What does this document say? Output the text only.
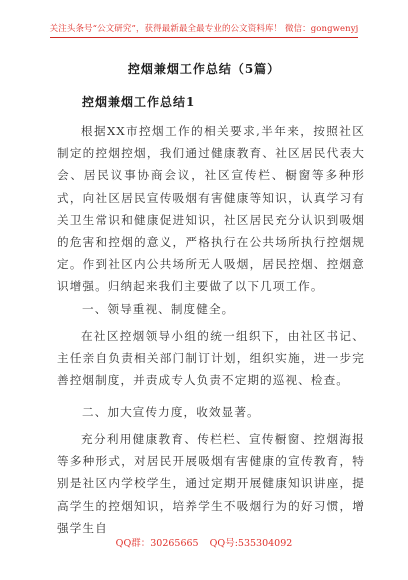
关注头条号“公文研究”，获得最新最全最专业的公文资料库！ 微信：gongwenyj
控烟兼烟工作总结（5篇）
控烟兼烟工作总结1

根据XX市控烟工作的相关要求,半年来，按照社区制定的控烟控烟，我们通过健康教育、社区居民代表大会、居民议事协商会议，社区宣传栏、橱窗等多种形式，向社区居民宣传吸烟有害健康等知识，认真学习有关卫生常识和健康促进知识，社区居民充分认识到吸烟的危害和控烟的意义，严格执行在公共场所执行控烟规定。作到社区内公共场所无人吸烟，居民控烟、控烟意识增强。归纳起来我们主要做了以下几项工作。

一、领导重视、制度健全。

在社区控烟领导小组的统一组织下，由社区书记、主任亲自负责相关部门制订计划，组织实施，进一步完善控烟制度，并责成专人负责不定期的巡视、检查。

二、加大宣传力度，收效显著。

充分利用健康教育、传栏栏、宣传橱窗、控烟海报等多种形式，对居民开展吸烟有害健康的宣传教育，特别是社区内学校学生，通过定期开展健康知识讲座，提高学生的控烟知识，培养学生不吸烟行为的好习惯，增强学生自

QQ群：30265665 QQ号:535304092
